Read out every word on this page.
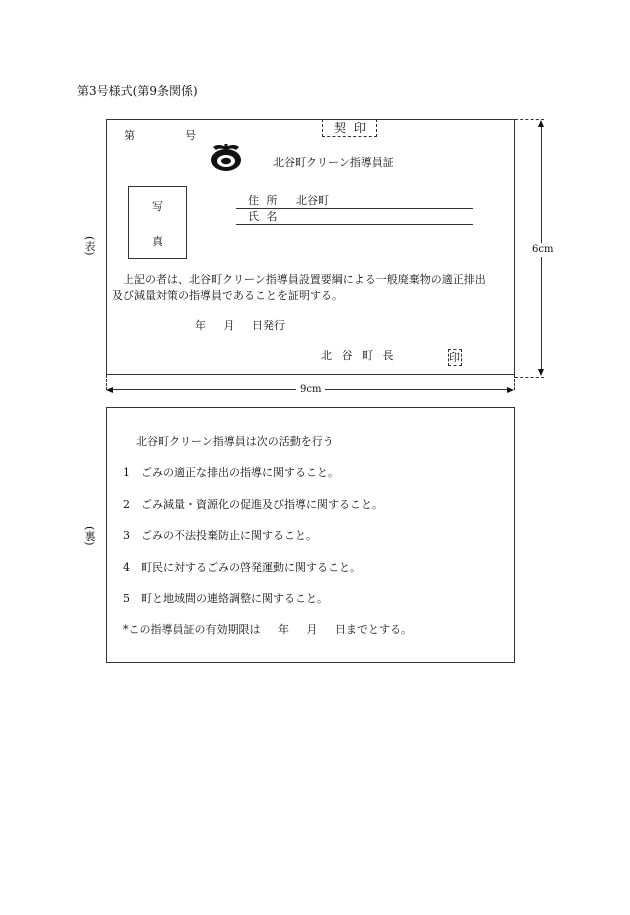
第3号様式(第9条関係)
第	号
契 印
北谷町クリーン指導員証
写
真
住 所 北谷町
氏 名
上記の者は、北谷町クリーン指導員設置要綱による一般廃棄物の適正排出
及び減量対策の指導員であることを証明する。
年 月 日発行
北 谷 町 長	印
(表)
(裏)
9cm
6cm
北谷町クリーン指導員は次の活動を行う
1 ごみの適正な排出の指導に関すること。
2 ごみ減量・資源化の促進及び指導に関すること。
3 ごみの不法投棄防止に関すること。
4 町民に対するごみの啓発運動に関すること。
5 町と地域間の連絡調整に関すること。
*この指導員証の有効期限は 年 月 日までとする。
